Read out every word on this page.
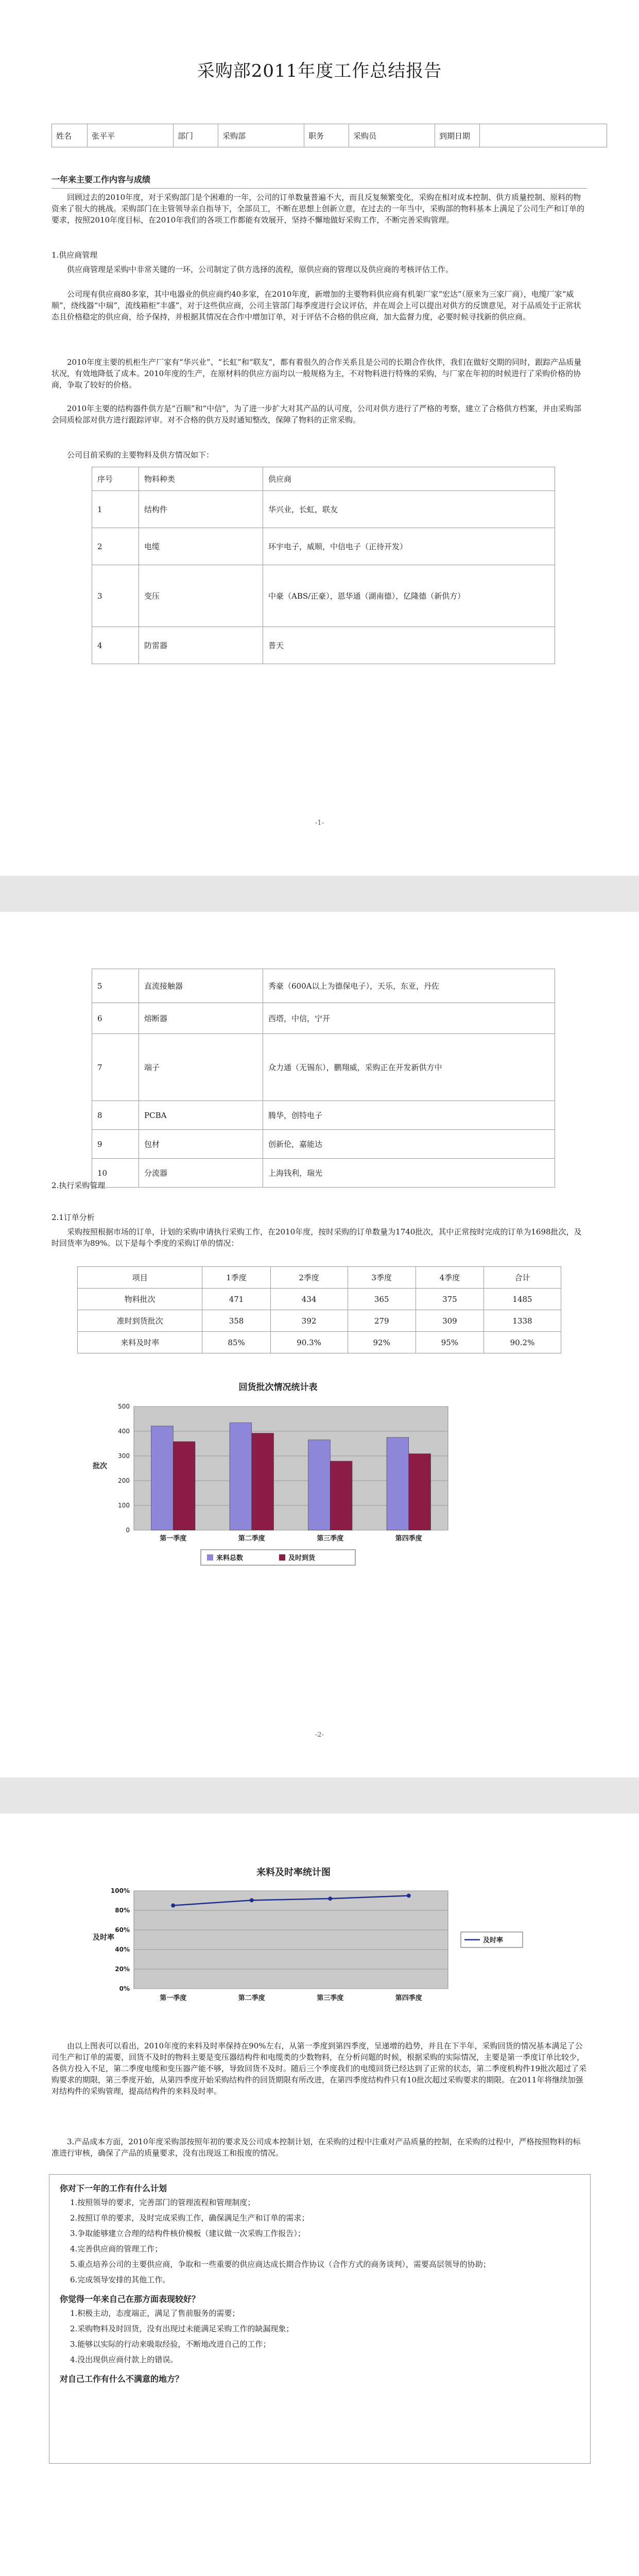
采购部2011年度工作总结报告
姓名	张平平	部门	采购部	职务	采购员	到期日期	
一年来主要工作内容与成绩

回顾过去的2010年度，对于采购部门是个困难的一年，公司的订单数量普遍不大，而且反复频繁变化，采购在相对成本控制、供方质量控制、原料的物资来了很大的挑战。采购部门在主管领导亲自指导下，全部员工，不断在思想上创新立意，在过去的一年当中，采购部的物料基本上满足了公司生产和订单的要求，按照2010年度目标，在2010年我们的各项工作都能有效展开，坚持不懈地做好采购工作，不断完善采购管理。

1.供应商管理

供应商管理是采购中非常关键的一环，公司制定了供方选择的流程，原供应商的管理以及供应商的考核评估工作。

公司现有供应商80多家，其中电器业的供应商约40多家，在2010年度，新增加的主要物料供应商有机架厂家“宏达”（原来为三家厂商），电缆厂家“威顺”，绕线器“中瑞”，流线箱柜“丰盛”，对于这些供应商，公司主管部门每季度进行会议评估，并在周会上可以提出对供方的反馈意见，对于品质处于正常状态且价格稳定的供应商，给予保持，并根据其情况在合作中增加订单，对于评估不合格的供应商，加大监督力度，必要时候寻找新的供应商。

2010年度主要的机柜生产厂家有“华兴业”、“长虹”和“联友”，都有着很久的合作关系且是公司的长期合作伙伴，我们在做好交期的同时，跟踪产品质量状况，有效地降低了成本。2010年度的生产，在原材料的供应方面均以一般规格为主，不对物料进行特殊的采购，与厂家在年初的时候进行了采购价格的协商，争取了较好的价格。

2010年主要的结构器件供方是“百顺”和“中信”，为了进一步扩大对其产品的认可度，公司对供方进行了严格的考察，建立了合格供方档案，并由采购部会同质检部对供方进行跟踪评审。对不合格的供方及时通知整改，保障了物料的正常采购。

公司目前采购的主要物料及供方情况如下：

序号	物料种类	供应商
1	结构件	华兴业，长虹，联友
2	电缆	环宇电子，威顺，中信电子（正待开发）
3	变压	中豪（ABS/正豪），恩华通（湖南德），亿隆德（新供方）
4	防雷器	普天
-1-
5	直流接触器	秀豪（600A以上为德保电子），天乐，东亚，丹佐
6	熔断器	西塔，中信，宁开
7	端子	众力通（无锡东），鹏翔威，采购正在开发新供方中
8	PCBA	腾华，创特电子
9	包材	创新伦，嘉能达
10	分流器	上海钱利，瑞光

2.执行采购管理

2.1订单分析

采购按照根据市场的订单，计划的采购申请执行采购工作，在2010年度，按时采购的订单数量为1740批次，其中正常按时完成的订单为1698批次，及时回货率为89%。以下是每个季度的采购订单的情况：

项目	1季度	2季度	3季度	4季度	合计
物料批次	471	434	365	375	1485
准时到货批次	358	392	279	309	1338
来料及时率	85%	90.3%	92%	95%	90.2%
回货批次情况统计表
0
100
200
300
400
500
批次
第一季度	第二季度	第三季度	第四季度
来料总数	及时到货
-2-
来料及时率统计图
0%
20%
40%
60%
80%
100%
及时率
第一季度	第二季度	第三季度	第四季度
及时率

由以上图表可以看出，2010年度的来料及时率保持在90%左右，从第一季度到第四季度，呈递增的趋势，并且在下半年，采购回货的情况基本满足了公司生产和订单的需要，回货不及时的物料主要是变压器结构件和电缆类的少数物料，在分析问题的时候，根据采购的实际情况，主要是第一季度订单比较少，各供方投入不足，第二季度电缆和变压器产能不够，导致回货不及时。随后三个季度我们的电缆回货已经达到了正常的状态，第二季度机构件19批次超过了采购要求的期限，第三季度开始，从第四季度开始采购结构件的回货期限有所改进，在第四季度结构件只有10批次超过采购要求的期限。在2011年将继续加强对结构件的采购管理，提高结构件的来料及时率。

3.产品成本方面，2010年度采购部按照年初的要求及公司成本控制计划，在采购的过程中注重对产品质量的控制，在采购的过程中，严格按照物料的标准进行审核，确保了产品的质量要求，没有出现返工和报废的情况。

你对下一年的工作有什么计划

1.按照领导的要求，完善部门的管理流程和管理制度；

2.按照订单的要求，及时完成采购工作，确保满足生产和订单的需求；

3.争取能够建立合理的结构件核价模板（建议做一次采购工作报告）；

4.完善供应商的管理工作；

5.重点培养公司的主要供应商，争取和一些重要的供应商达成长期合作协议（合作方式的商务谈判），需要高层领导的协助；

6.完成领导安排的其他工作。

你觉得一年来自己在那方面表现较好？

1.积极主动，态度端正，满足了售前服务的需要；

2.采购物料及时回货，没有出现过未能满足采购工作的缺漏现象；

3.能够以实际的行动来吸取经验，不断地改进自己的工作；

4.没出现供应商付款上的错误。

对自己工作有什么不满意的地方？
